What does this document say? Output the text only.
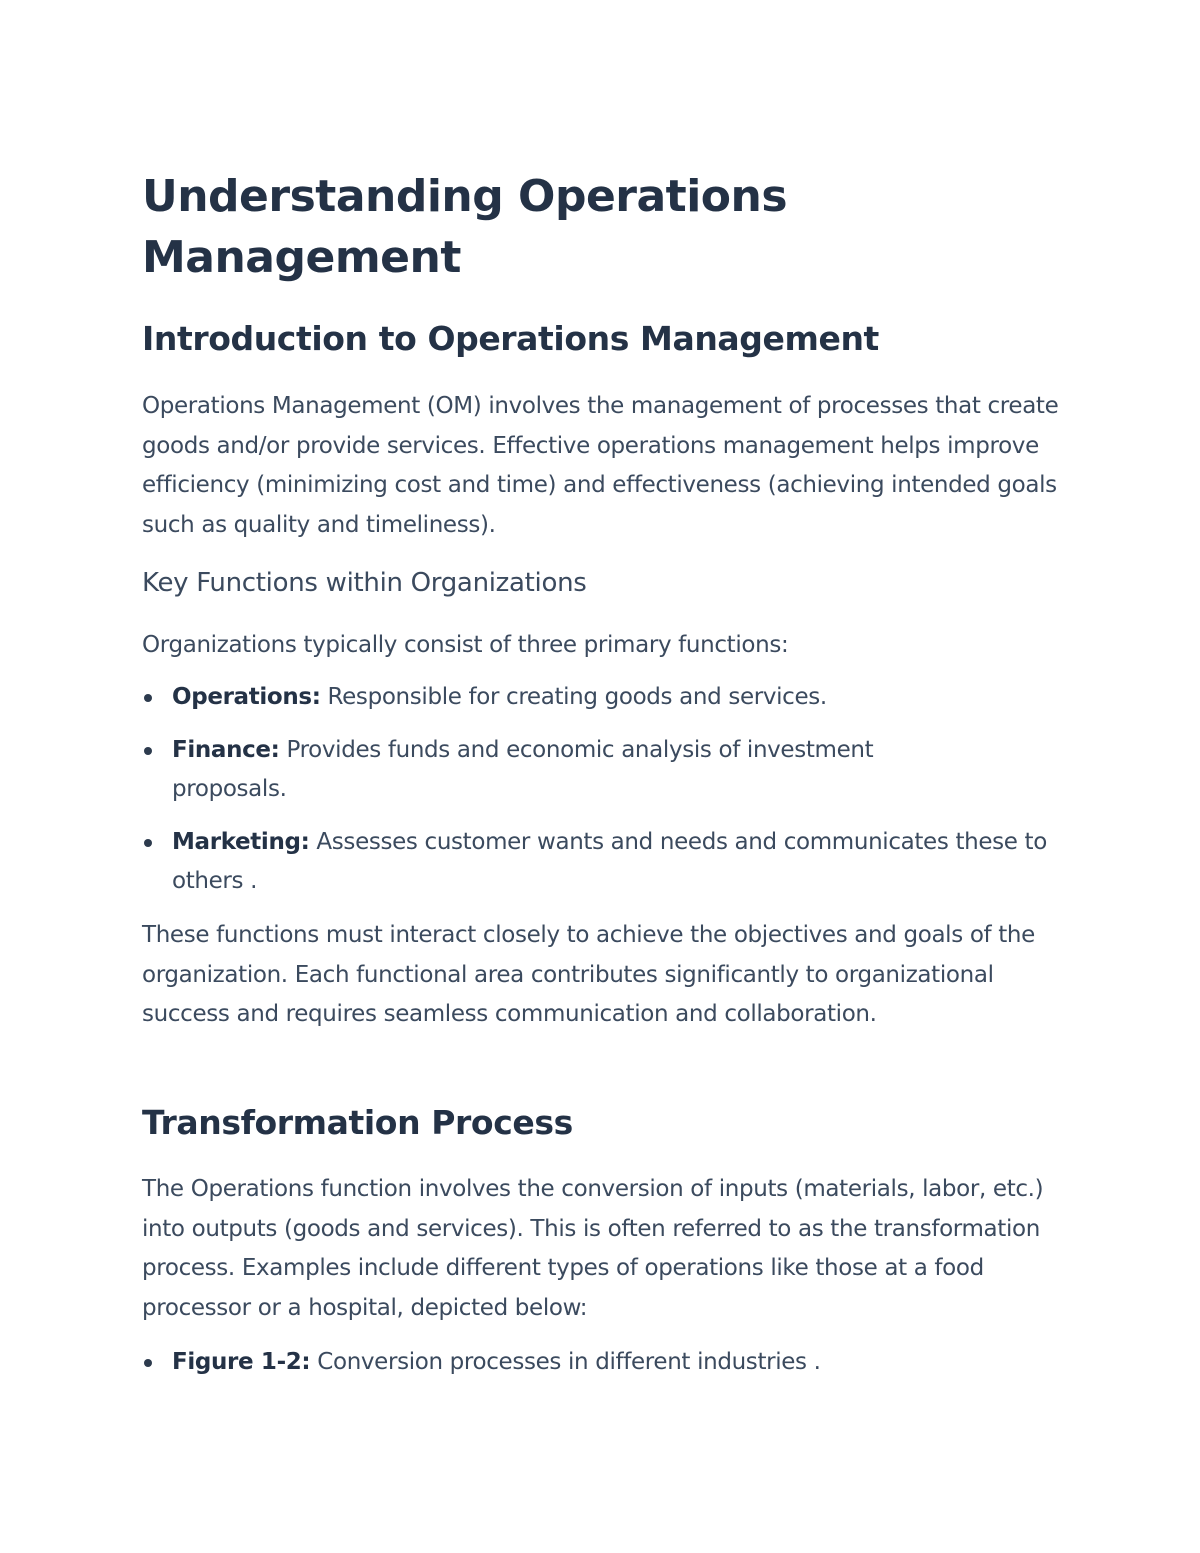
Understanding Operations Management
Introduction to Operations Management

Operations Management (OM) involves the management of processes that create goods and/or provide services. Effective operations management helps improve efficiency (minimizing cost and time) and effectiveness (achieving intended goals such as quality and timeliness).

Key Functions within Organizations

Organizations typically consist of three primary functions:

Operations: Responsible for creating goods and services.
Finance: Provides funds and economic analysis of investment proposals.
Marketing: Assesses customer wants and needs and communicates these to others .

These functions must interact closely to achieve the objectives and goals of the organization. Each functional area contributes significantly to organizational success and requires seamless communication and collaboration.

Transformation Process

The Operations function involves the conversion of inputs (materials, labor, etc.) into outputs (goods and services). This is often referred to as the transformation process. Examples include different types of operations like those at a food processor or a hospital, depicted below:

Figure 1-2: Conversion processes in different industries .
